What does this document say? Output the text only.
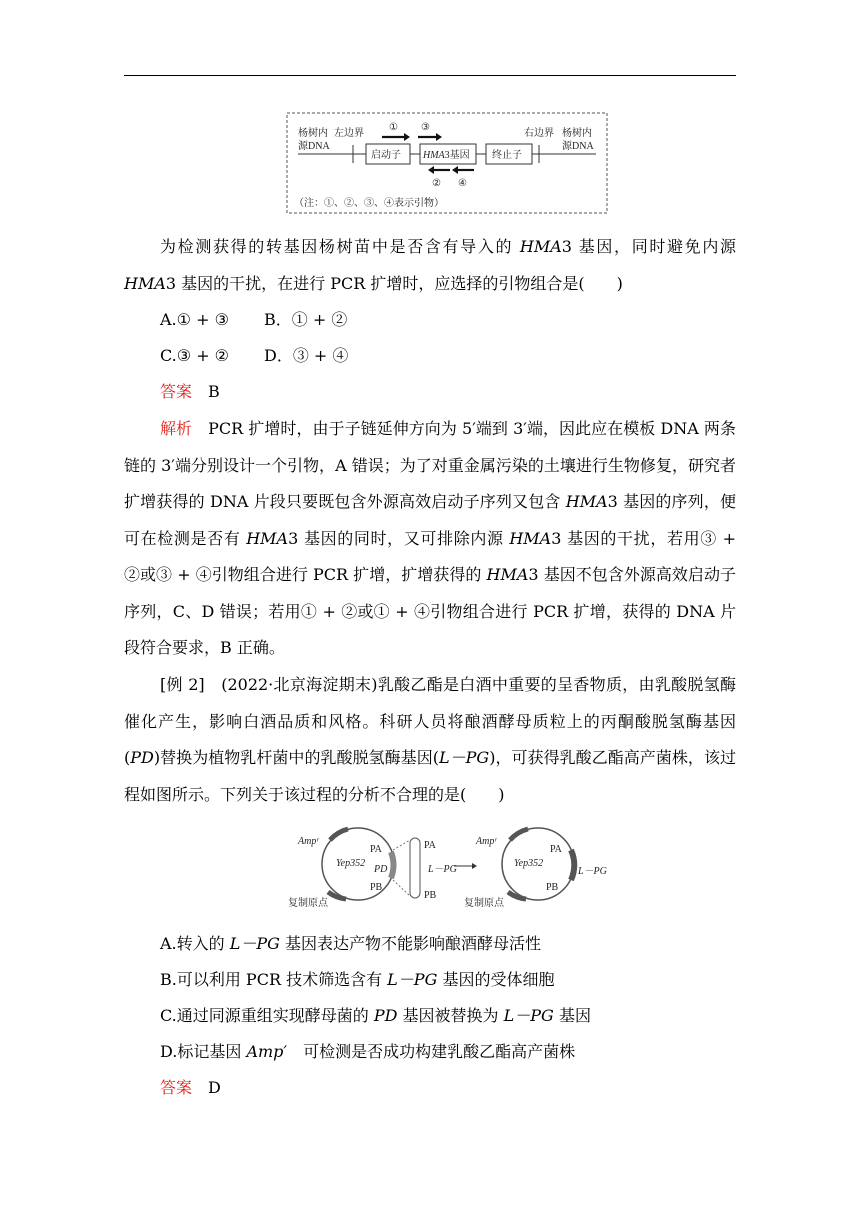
杨树内
源DNA
左边界	右边界 杨树内
源DNA
① ③
② ④
（注：①、②、③、④表示引物）
启动子 HMA3基因 终止子
为检测获得的转基因杨树苗中是否含有导入的 HMA3 基因，同时避免内源HMA3 基因的干扰，在进行 PCR 扩增时，应选择的引物组合是(　　)
A.① + ③ B．① + ②
C.③ + ② D．③ + ④
答案　 B
解析　 PCR 扩增时，由于子链延伸方向为 5′端到 3′端，因此应在模板 DNA 两条链的 3′端分别设计一个引物，A 错误；为了对重金属污染的土壤进行生物修复，研究者扩增获得的 DNA 片段只要既包含外源高效启动子序列又包含 HMA3 基因的序列，便可在检测是否有 HMA3 基因的同时，又可排除内源 HMA3 基因的干扰，若用③ + ②或③ + ④引物组合进行 PCR 扩增，扩增获得的 HMA3 基因不包含外源高效启动子序列，C、D 错误；若用① + ②或① + ④引物组合进行 PCR 扩增，获得的 DNA 片段符合要求，B 正确。
[例 2]　(2022·北京海淀期末)乳酸乙酯是白酒中重要的呈香物质，由乳酸脱氢酶催化产生，影响白酒品质和风格。科研人员将酿酒酵母质粒上的丙酮酸脱氢酶基因(PD)替换为植物乳杆菌中的乳酸脱氢酶基因(L－PG)，可获得乳酸乙酯高产菌株，该过程如图所示。下列关于该过程的分析不合理的是(　　)
Ampʳ
Yep352
PA
PD
PB
PA
L－PG
PB
复制原点
Ampʳ
Yep352
PA
L－PG
PB
复制原点
A.转入的 L－PG 基因表达产物不能影响酿酒酵母活性
B.可以利用 PCR 技术筛选含有 L－PG 基因的受体细胞
C.通过同源重组实现酵母菌的 PD 基因被替换为 L－PG 基因
D.标记基因 Amp′　可检测是否成功构建乳酸乙酯高产菌株
答案　 D
